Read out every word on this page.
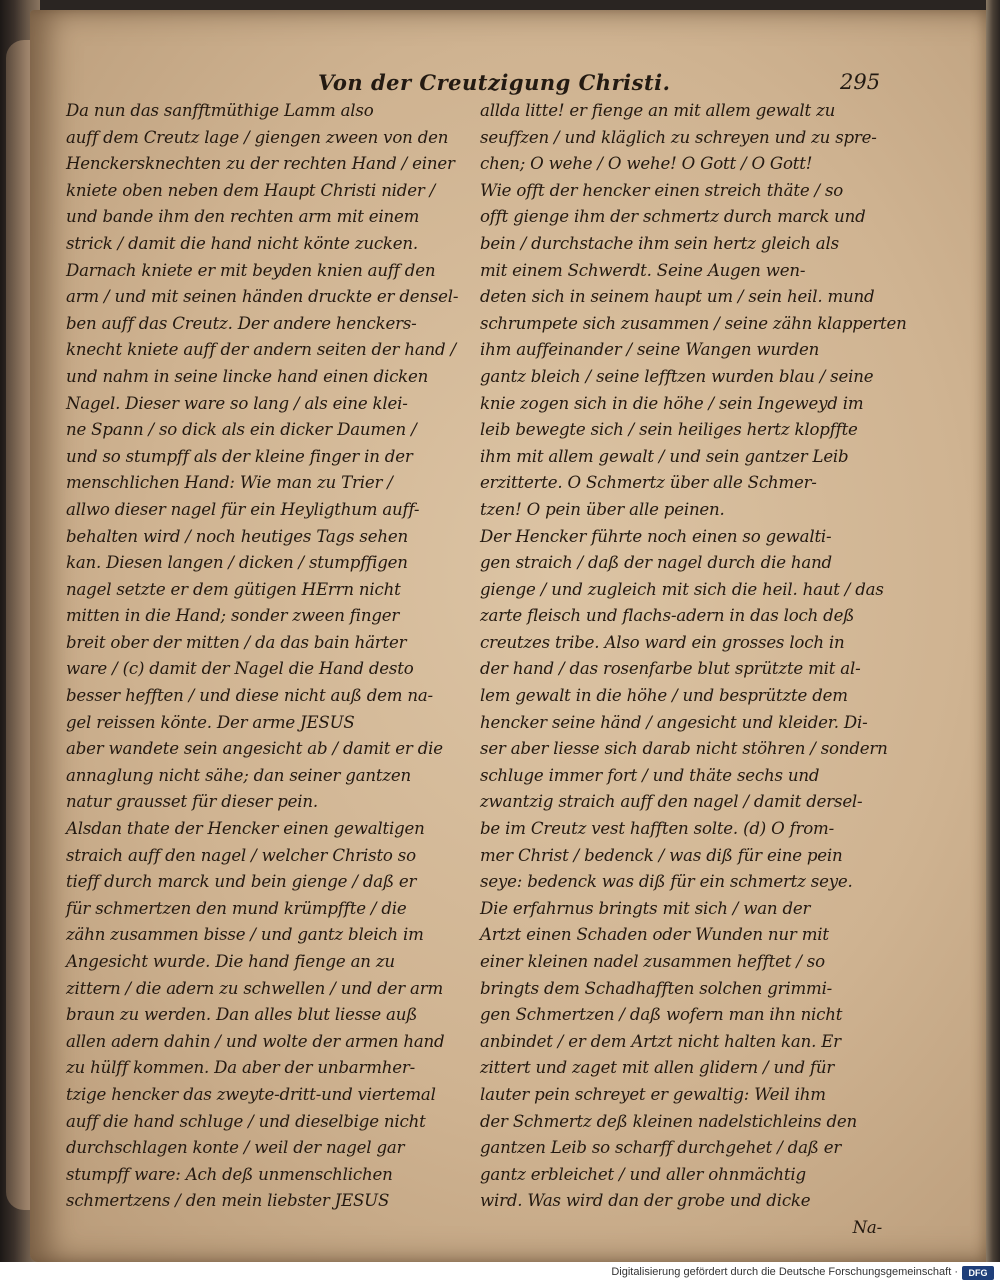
Von der Creutzigung Christi.	295
Da nun das sanfftmüthige Lamm also
auff dem Creutz lage / giengen zween von den
Henckersknechten zu der rechten Hand / einer
kniete oben neben dem Haupt Christi nider /
und bande ihm den rechten arm mit einem
strick / damit die hand nicht könte zucken.
Darnach kniete er mit beyden knien auff den
arm / und mit seinen händen druckte er densel-
ben auff das Creutz. Der andere henckers-
knecht kniete auff der andern seiten der hand /
und nahm in seine lincke hand einen dicken
Nagel. Dieser ware so lang / als eine klei-
ne Spann / so dick als ein dicker Daumen /
und so stumpff als der kleine finger in der
menschlichen Hand: Wie man zu Trier /
allwo dieser nagel für ein Heyligthum auff-
behalten wird / noch heutiges Tags sehen
kan. Diesen langen / dicken / stumpffigen
nagel setzte er dem gütigen HErrn nicht
mitten in die Hand; sonder zween finger
breit ober der mitten / da das bain härter
ware / (c) damit der Nagel die Hand desto
besser hefften / und diese nicht auß dem na-
gel reissen könte. Der arme JESUS
aber wandete sein angesicht ab / damit er die
annaglung nicht sähe; dan seiner gantzen
natur grausset für dieser pein.
Alsdan thate der Hencker einen gewaltigen
straich auff den nagel / welcher Christo so
tieff durch marck und bein gienge / daß er
für schmertzen den mund krümpffte / die
zähn zusammen bisse / und gantz bleich im
Angesicht wurde. Die hand fienge an zu
zittern / die adern zu schwellen / und der arm
braun zu werden. Dan alles blut liesse auß
allen adern dahin / und wolte der armen hand
zu hülff kommen. Da aber der unbarmher-
tzige hencker das zweyte-dritt-und viertemal
auff die hand schluge / und dieselbige nicht
durchschlagen konte / weil der nagel gar
stumpff ware: Ach deß unmenschlichen
schmertzens / den mein liebster JESUS
allda litte! er fienge an mit allem gewalt zu
seuffzen / und kläglich zu schreyen und zu spre-
chen; O wehe / O wehe! O Gott / O Gott!
Wie offt der hencker einen streich thäte / so
offt gienge ihm der schmertz durch marck und
bein / durchstache ihm sein hertz gleich als
mit einem Schwerdt. Seine Augen wen-
deten sich in seinem haupt um / sein heil. mund
schrumpete sich zusammen / seine zähn klapperten
ihm auffeinander / seine Wangen wurden
gantz bleich / seine lefftzen wurden blau / seine
knie zogen sich in die höhe / sein Ingeweyd im
leib bewegte sich / sein heiliges hertz klopffte
ihm mit allem gewalt / und sein gantzer Leib
erzitterte. O Schmertz über alle Schmer-
tzen! O pein über alle peinen.
Der Hencker führte noch einen so gewalti-
gen straich / daß der nagel durch die hand
gienge / und zugleich mit sich die heil. haut / das
zarte fleisch und flachs-adern in das loch deß
creutzes tribe. Also ward ein grosses loch in
der hand / das rosenfarbe blut sprützte mit al-
lem gewalt in die höhe / und besprützte dem
hencker seine händ / angesicht und kleider. Di-
ser aber liesse sich darab nicht stöhren / sondern
schluge immer fort / und thäte sechs und
zwantzig straich auff den nagel / damit dersel-
be im Creutz vest hafften solte. (d) O from-
mer Christ / bedenck / was diß für eine pein
seye: bedenck was diß für ein schmertz seye.
Die erfahrnus bringts mit sich / wan der
Artzt einen Schaden oder Wunden nur mit
einer kleinen nadel zusammen hefftet / so
bringts dem Schadhafften solchen grimmi-
gen Schmertzen / daß wofern man ihn nicht
anbindet / er dem Artzt nicht halten kan. Er
zittert und zaget mit allen glidern / und für
lauter pein schreyet er gewaltig: Weil ihm
der Schmertz deß kleinen nadelstichleins den
gantzen Leib so scharff durchgehet / daß er
gantz erbleichet / und aller ohnmächtig
wird. Was wird dan der grobe und dicke
Na-
Digitalisierung gefördert durch die Deutsche Forschungsgemeinschaft ·	DFG
